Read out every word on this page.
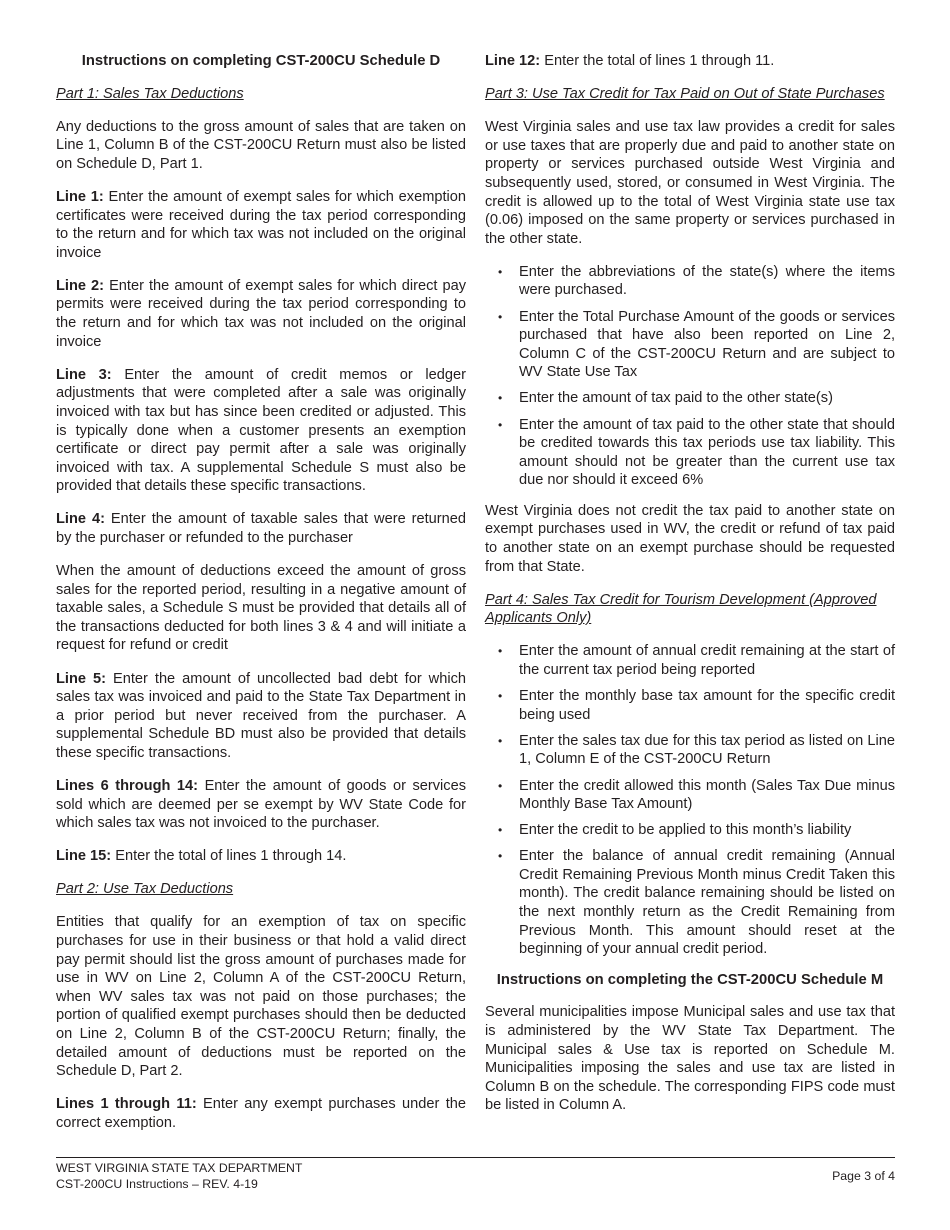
Instructions on completing CST-200CU Schedule D

Part 1: Sales Tax Deductions

Any deductions to the gross amount of sales that are taken on Line 1, Column B of the CST-200CU Return must also be listed on Schedule D, Part 1.

Line 1: Enter the amount of exempt sales for which exemption certificates were received during the tax period corresponding to the return and for which tax was not included on the original invoice

Line 2: Enter the amount of exempt sales for which direct pay permits were received during the tax period corresponding to the return and for which tax was not included on the original invoice

Line 3: Enter the amount of credit memos or ledger adjustments that were completed after a sale was originally invoiced with tax but has since been credited or adjusted. This is typically done when a customer presents an exemption certificate or direct pay permit after a sale was originally invoiced with tax. A supplemental Schedule S must also be provided that details these specific transactions.

Line 4: Enter the amount of taxable sales that were returned by the purchaser or refunded to the purchaser

When the amount of deductions exceed the amount of gross sales for the reported period, resulting in a negative amount of taxable sales, a Schedule S must be provided that details all of the transactions deducted for both lines 3 & 4 and will initiate a request for refund or credit

Line 5: Enter the amount of uncollected bad debt for which sales tax was invoiced and paid to the State Tax Department in a prior period but never received from the purchaser. A supplemental Schedule BD must also be provided that details these specific transactions.

Lines 6 through 14: Enter the amount of goods or services sold which are deemed per se exempt by WV State Code for which sales tax was not invoiced to the purchaser.

Line 15: Enter the total of lines 1 through 14.

Part 2: Use Tax Deductions

Entities that qualify for an exemption of tax on specific purchases for use in their business or that hold a valid direct pay permit should list the gross amount of purchases made for use in WV on Line 2, Column A of the CST-200CU Return, when WV sales tax was not paid on those purchases; the portion of qualified exempt purchases should then be deducted on Line 2, Column B of the CST-200CU Return; finally, the detailed amount of deductions must be reported on the Schedule D, Part 2.

Lines 1 through 11: Enter any exempt purchases under the correct exemption.

Line 12: Enter the total of lines 1 through 11.

Part 3: Use Tax Credit for Tax Paid on Out of State Purchases

West Virginia sales and use tax law provides a credit for sales or use taxes that are properly due and paid to another state on property or services purchased outside West Virginia and subsequently used, stored, or consumed in West Virginia. The credit is allowed up to the total of West Virginia state use tax (0.06) imposed on the same property or services purchased in the other state.

• Enter the abbreviations of the state(s) where the items were purchased.
• Enter the Total Purchase Amount of the goods or services purchased that have also been reported on Line 2, Column C of the CST-200CU Return and are subject to WV State Use Tax
• Enter the amount of tax paid to the other state(s)
• Enter the amount of tax paid to the other state that should be credited towards this tax periods use tax liability. This amount should not be greater than the current use tax due nor should it exceed 6%

West Virginia does not credit the tax paid to another state on exempt purchases used in WV, the credit or refund of tax paid to another state on an exempt purchase should be requested from that State.

Part 4: Sales Tax Credit for Tourism Development (Approved Applicants Only)

• Enter the amount of annual credit remaining at the start of the current tax period being reported
• Enter the monthly base tax amount for the specific credit being used
• Enter the sales tax due for this tax period as listed on Line 1, Column E of the CST-200CU Return
• Enter the credit allowed this month (Sales Tax Due minus Monthly Base Tax Amount)
• Enter the credit to be applied to this month’s liability
• Enter the balance of annual credit remaining (Annual Credit Remaining Previous Month minus Credit Taken this month). The credit balance remaining should be listed on the next monthly return as the Credit Remaining from Previous Month. This amount should reset at the beginning of your annual credit period.

Instructions on completing the CST-200CU Schedule M

Several municipalities impose Municipal sales and use tax that is administered by the WV State Tax Department. The Municipal sales & Use tax is reported on Schedule M. Municipalities imposing the sales and use tax are listed in Column B on the schedule. The corresponding FIPS code must be listed in Column A.

WEST VIRGINIA STATE TAX DEPARTMENT
CST-200CU Instructions – REV. 4-19
Page 3 of 4
